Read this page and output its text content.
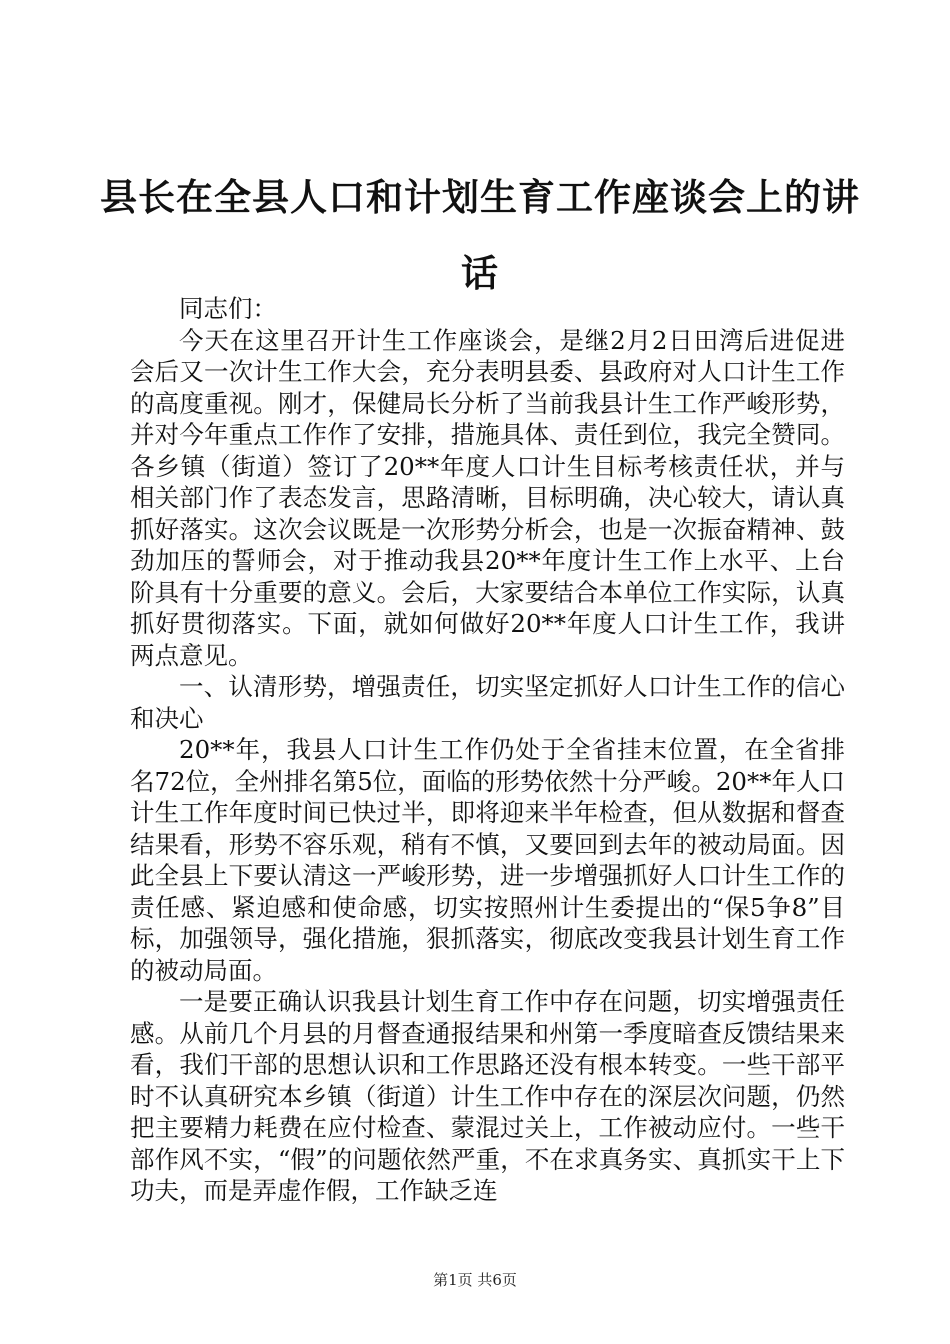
县长在全县人口和计划生育工作座谈会上的讲话

同志们：

今天在这里召开计生工作座谈会，是继2月2日田湾后进促进会后又一次计生工作大会，充分表明县委、县政府对人口计生工作的高度重视。刚才，保健局长分析了当前我县计生工作严峻形势，并对今年重点工作作了安排，措施具体、责任到位，我完全赞同。各乡镇（街道）签订了20**年度人口计生目标考核责任状，并与相关部门作了表态发言，思路清晰，目标明确，决心较大，请认真抓好落实。这次会议既是一次形势分析会，也是一次振奋精神、鼓劲加压的誓师会，对于推动我县20**年度计生工作上水平、上台阶具有十分重要的意义。会后，大家要结合本单位工作实际，认真抓好贯彻落实。下面，就如何做好20**年度人口计生工作，我讲两点意见。

一、认清形势，增强责任，切实坚定抓好人口计生工作的信心和决心

20**年，我县人口计生工作仍处于全省挂末位置，在全省排名72位，全州排名第5位，面临的形势依然十分严峻。20**年人口计生工作年度时间已快过半，即将迎来半年检查，但从数据和督查结果看，形势不容乐观，稍有不慎，又要回到去年的被动局面。因此全县上下要认清这一严峻形势，进一步增强抓好人口计生工作的责任感、紧迫感和使命感，切实按照州计生委提出的“保5争8”目标，加强领导，强化措施，狠抓落实，彻底改变我县计划生育工作的被动局面。

一是要正确认识我县计划生育工作中存在问题，切实增强责任感。从前几个月县的月督查通报结果和州第一季度暗查反馈结果来看，我们干部的思想认识和工作思路还没有根本转变。一些干部平时不认真研究本乡镇（街道）计生工作中存在的深层次问题，仍然把主要精力耗费在应付检查、蒙混过关上，工作被动应付。一些干部作风不实，“假”的问题依然严重，不在求真务实、真抓实干上下功夫，而是弄虚作假，工作缺乏连

第1页 共6页
